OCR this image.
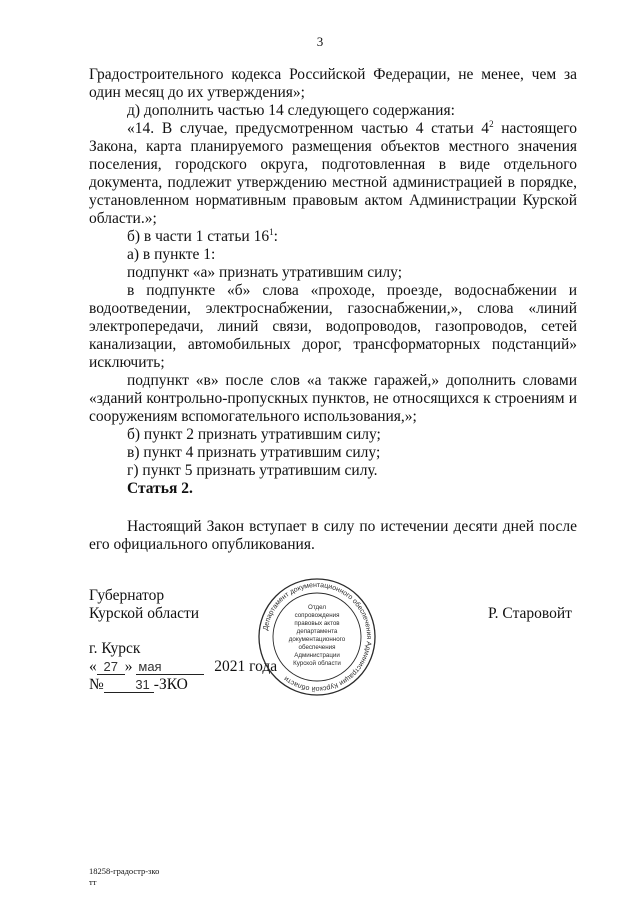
3

Градостроительного кодекса Российской Федерации, не менее, чем за один месяц до их утверждения»;

д) дополнить частью 14 следующего содержания:

«14. В случае, предусмотренном частью 4 статьи $4^2$ настоящего Закона, карта планируемого размещения объектов местного значения поселения, городского округа, подготовленная в виде отдельного документа, подлежит утверждению местной администрацией в порядке, установленном нормативным правовым актом Администрации Курской области.»;

б) в части 1 статьи $16^1$:

а) в пункте 1:

подпункт «а» признать утратившим силу;

в подпункте «б» слова «проходе, проезде, водоснабжении и водоотведении, электроснабжении, газоснабжении,», слова «линий электропередачи, линий связи, водопроводов, газопроводов, сетей канализации, автомобильных дорог, трансформаторных подстанций» исключить;

подпункт «в» после слов «а также гаражей,» дополнить словами «зданий контрольно-пропускных пунктов, не относящихся к строениям и сооружениям вспомогательного использования,»;

б) пункт 2 признать утратившим силу;

в) пункт 4 признать утратившим силу;

г) пункт 5 признать утратившим силу.

Статья 2.

Настоящий Закон вступает в силу по истечении десяти дней после его официального опубликования.

Губернатор
Курской области	Р. Старовойт
г. Курск
« 27 » мая	2021 года
№ 31 -ЗКО
Департамент документационного обеспечения Администрации Курской области
Отдел
сопровождения
правовых актов
департамента
документационного
обеспечения
Администрации
Курской области
18258-градостр-зко
тт
